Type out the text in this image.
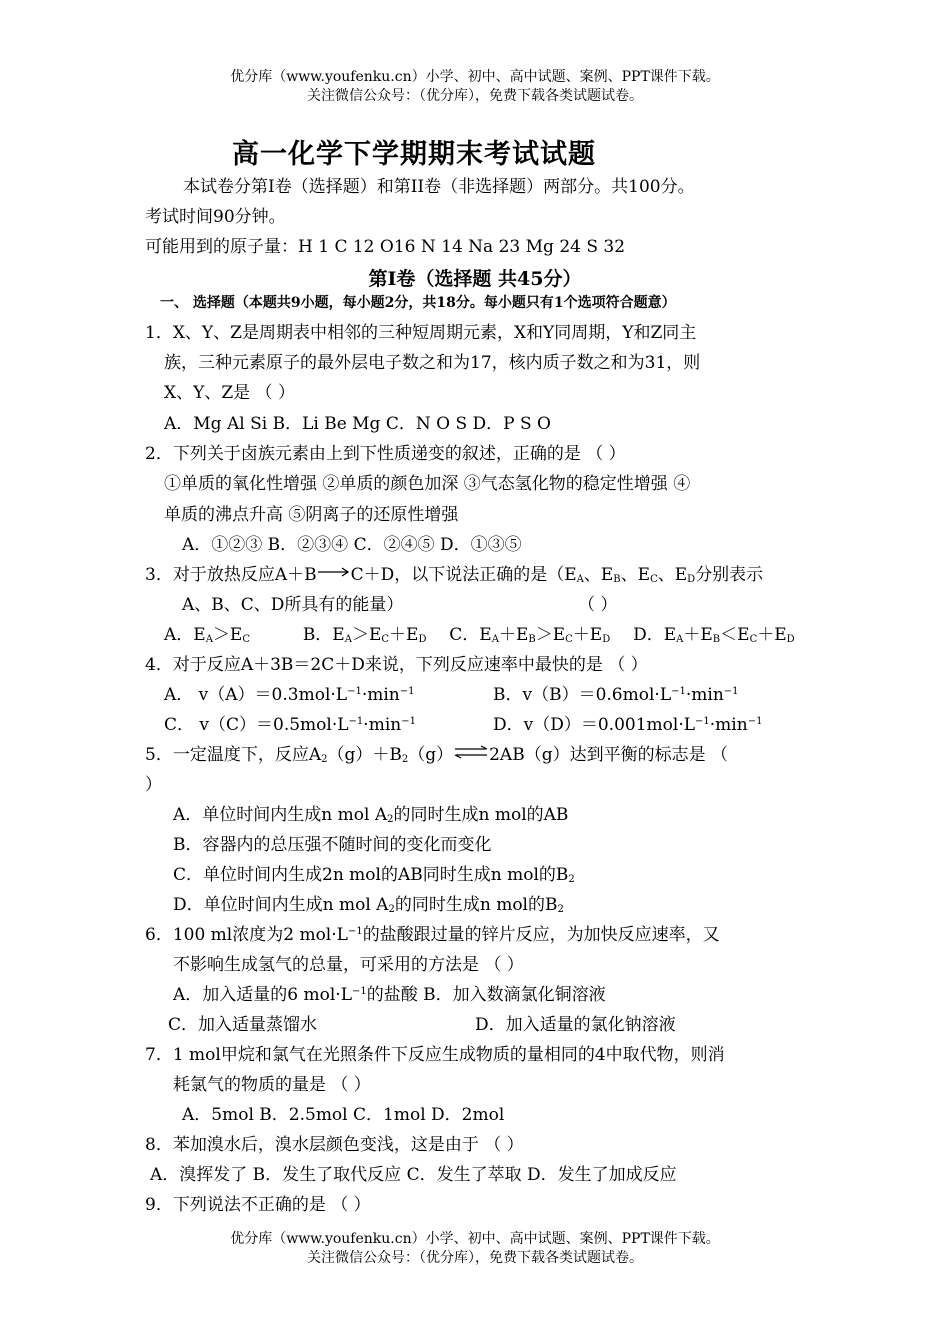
优分库（www.youfenku.cn）小学、初中、高中试题、案例、PPT课件下载。
关注微信公众号：（优分库），免费下载各类试题试卷。
高一化学下学期期末考试试题
本试卷分第Ⅰ卷（选择题）和第II卷（非选择题）两部分。共100分。
考试时间90分钟。
可能用到的原子量：H 1 C 12 O16 N 14 Na 23 Mg 24 S 32
第Ⅰ卷（选择题 共45分）
一、 选择题（本题共9小题，每小题2分，共18分。每小题只有1个选项符合题意）
1．X、Y、Z是周期表中相邻的三种短周期元素，X和Y同周期，Y和Z同主
族，三种元素原子的最外层电子数之和为17，核内质子数之和为31，则
X、Y、Z是 （ ）
A．Mg Al Si B．Li Be Mg C．N O S D．P S O
2．下列关于卤族元素由上到下性质递变的叙述，正确的是 （ ）
①单质的氧化性增强 ②单质的颜色加深 ③气态氢化物的稳定性增强 ④
单质的沸点升高 ⑤阴离子的还原性增强
A．①②③ B．②③④ C．②④⑤ D．①③⑤
3．对于放热反应A＋B→C＋D，以下说法正确的是（$E_A$、$E_B$、$E_C$、$E_D$分别表示
A、B、C、D所具有的能量）	（ ）
A．$E_A>E_C$	B．$E_A>E_C+E_D$ C．$E_A+E_B>E_C+E_D$ D．$E_A+E_B<E_C+E_D$
4．对于反应A＋3B＝2C＋D来说，下列反应速率中最快的是 （ ）
A． $v(A)=0.3mol\cdot L^{-1}\cdot\min^{-1}$	B．$v(B)=0.6mol\cdot L^{-1}\cdot\min^{-1}$
C． $v(C)=0.5mol\cdot L^{-1}\cdot\min^{-1}$	D．$v(D)=0.001mol\cdot L^{-1}\cdot\min^{-1}$
5．一定温度下，反应$A_2(g)+B_2(g)\rightleftharpoons 2AB(g)$达到平衡的标志是 （
）
A．单位时间内生成n mol $A_2$的同时生成n mol的AB
B．容器内的总压强不随时间的变化而变化
C．单位时间内生成2n mol的AB同时生成n mol的$B_2$
D．单位时间内生成n mol $A_2$的同时生成n mol的$B_2$
6．100 ml浓度为2 $mol\cdot L^{-1}$的盐酸跟过量的锌片反应，为加快反应速率，又
不影响生成氢气的总量，可采用的方法是 （ ）
A．加入适量的6 $mol\cdot L^{-1}$的盐酸 B．加入数滴氯化铜溶液
C．加入适量蒸馏水	D．加入适量的氯化钠溶液
7．1 mol甲烷和氯气在光照条件下反应生成物质的量相同的4中取代物，则消
耗氯气的物质的量是 （ ）
A．5mol B．2.5mol C．1mol D．2mol
8．苯加溴水后，溴水层颜色变浅，这是由于 （ ）
A．溴挥发了 B．发生了取代反应 C．发生了萃取 D．发生了加成反应
9．下列说法不正确的是 （ ）
优分库（www.youfenku.cn）小学、初中、高中试题、案例、PPT课件下载。
关注微信公众号：（优分库），免费下载各类试题试卷。
